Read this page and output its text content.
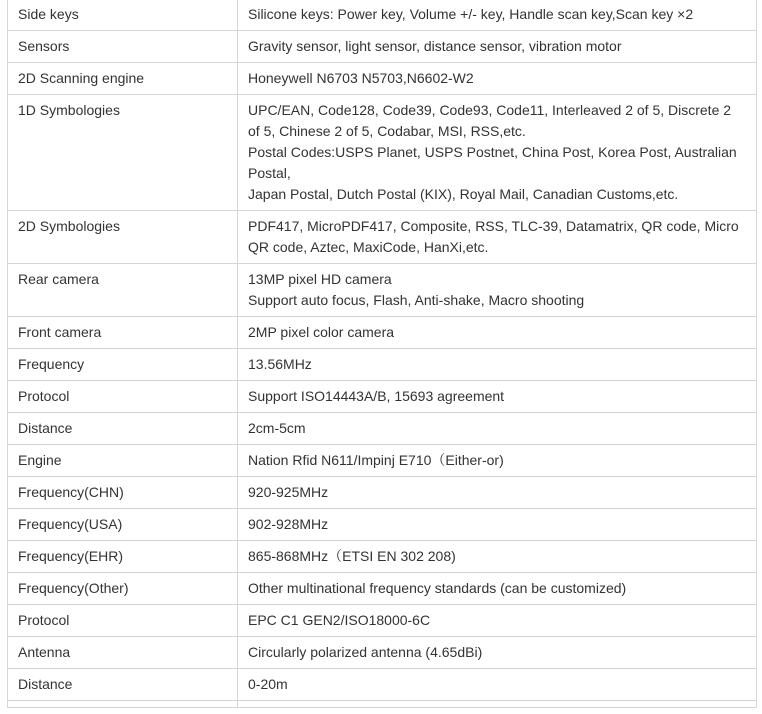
Side keys	Silicone keys: Power key, Volume +/- key, Handle scan key,Scan key ×2

Sensors	Gravity sensor, light sensor, distance sensor, vibration motor

2D Scanning engine	Honeywell N6703 N5703,N6602-W2

1D Symbologies	UPC/EAN, Code128, Code39, Code93, Code11, Interleaved 2 of 5, Discrete 2 of 5, Chinese 2 of 5, Codabar, MSI, RSS,etc.
Postal Codes:USPS Planet, USPS Postnet, China Post, Korea Post, Australian Postal,
Japan Postal, Dutch Postal (KIX), Royal Mail, Canadian Customs,etc.

2D Symbologies	PDF417, MicroPDF417, Composite, RSS, TLC-39, Datamatrix, QR code, Micro QR code, Aztec, MaxiCode, HanXi,etc.

Rear camera	13MP pixel HD camera
Support auto focus, Flash, Anti-shake, Macro shooting

Front camera	2MP pixel color camera

Frequency	13.56MHz

Protocol	Support ISO14443A/B, 15693 agreement

Distance	2cm-5cm

Engine	Nation Rfid N611/Impinj E710（Either-or)

Frequency(CHN)	920-925MHz

Frequency(USA)	902-928MHz

Frequency(EHR)	865-868MHz（ETSI EN 302 208)

Frequency(Other)	Other multinational frequency standards (can be customized)

Protocol	EPC C1 GEN2/ISO18000-6C

Antenna	Circularly polarized antenna (4.65dBi)

Distance	0-20m
